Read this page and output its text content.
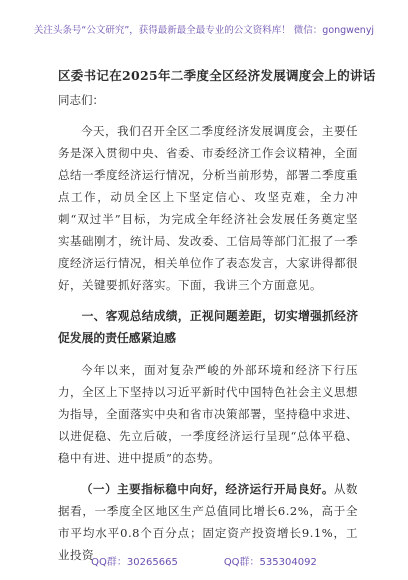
关注头条号“公文研究”，获得最新最全最专业的公文资料库！ 微信：gongwenyj
区委书记在2025年二季度全区经济发展调度会上的讲话
同志们：

今天，我们召开全区二季度经济发展调度会，主要任务是深入贯彻中央、省委、市委经济工作会议精神，全面总结一季度经济运行情况，分析当前形势，部署二季度重点工作，动员全区上下坚定信心、攻坚克难，全力冲刺“双过半”目标，为完成全年经济社会发展任务奠定坚实基础刚才，统计局、发改委、工信局等部门汇报了一季度经济运行情况，相关单位作了表态发言，大家讲得都很好，关键要抓好落实。下面，我讲三个方面意见。

一、客观总结成绩，正视问题差距，切实增强抓经济促发展的责任感紧迫感

今年以来，面对复杂严峻的外部环境和经济下行压力，全区上下坚持以习近平新时代中国特色社会主义思想为指导，全面落实中央和省市决策部署，坚持稳中求进、以进促稳、先立后破，一季度经济运行呈现“总体平稳、稳中有进、进中提质”的态势。

（一）主要指标稳中向好，经济运行开局良好。从数据看，一季度全区地区生产总值同比增长6.2%，高于全市平均水平0.8个百分点；固定资产投资增长9.1%，工业投资

QQ群：30265665	QQ群：535304092
